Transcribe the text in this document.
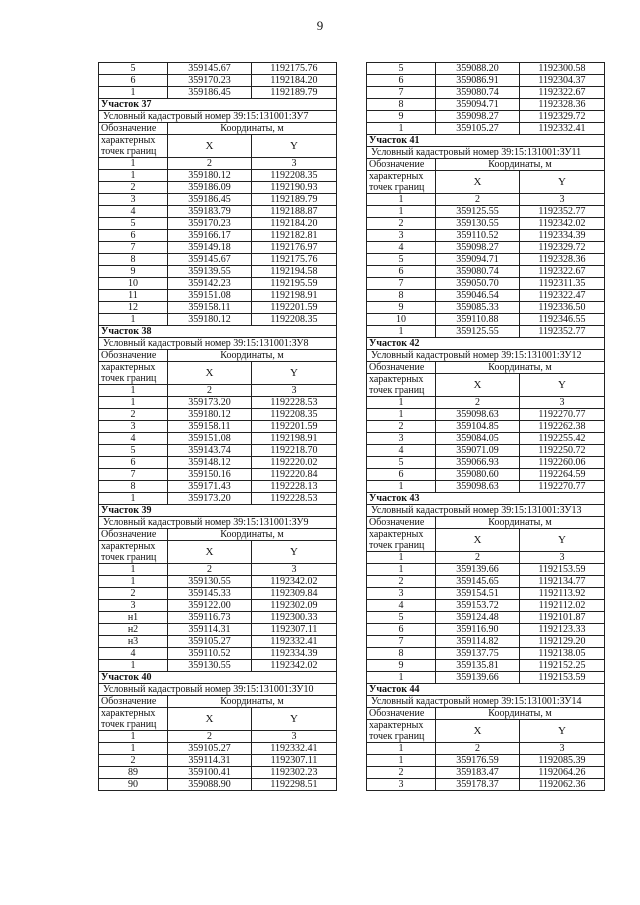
9
5	359145.67	1192175.76
6	359170.23	1192184.20
1	359186.45	1192189.79
Участок 37		
Условный кадастровый номер 39:15:131001:ЗУ7		
Обозначение	Координаты, м	
характерных точек границ	X	Y
1	2	3
1	359180.12	1192208.35
2	359186.09	1192190.93
3	359186.45	1192189.79
4	359183.79	1192188.87
5	359170.23	1192184.20
6	359166.17	1192182.81
7	359149.18	1192176.97
8	359145.67	1192175.76
9	359139.55	1192194.58
10	359142.23	1192195.59
11	359151.08	1192198.91
12	359158.11	1192201.59
1	359180.12	1192208.35
Участок 38		
Условный кадастровый номер 39:15:131001:ЗУ8		
Обозначение	Координаты, м	
характерных точек границ	X	Y
1	2	3
1	359173.20	1192228.53
2	359180.12	1192208.35
3	359158.11	1192201.59
4	359151.08	1192198.91
5	359143.74	1192218.70
6	359148.12	1192220.02
7	359150.16	1192220.84
8	359171.43	1192228.13
1	359173.20	1192228.53
Участок 39		
Условный кадастровый номер 39:15:131001:ЗУ9		
Обозначение	Координаты, м	
характерных точек границ	X	Y
1	2	3
1	359130.55	1192342.02
2	359145.33	1192309.84
3	359122.00	1192302.09
н1	359116.73	1192300.33
н2	359114.31	1192307.11
н3	359105.27	1192332.41
4	359110.52	1192334.39
1	359130.55	1192342.02
Участок 40		
Условный кадастровый номер 39:15:131001:ЗУ10		
Обозначение	Координаты, м	
характерных точек границ	X	Y
1	2	3
1	359105.27	1192332.41
2	359114.31	1192307.11
89	359100.41	1192302.23
90	359088.90	1192298.51
5	359088.20	1192300.58
6	359086.91	1192304.37
7	359080.74	1192322.67
8	359094.71	1192328.36
9	359098.27	1192329.72
1	359105.27	1192332.41
Участок 41		
Условный кадастровый номер 39:15:131001:ЗУ11		
Обозначение	Координаты, м	
характерных точек границ	X	Y
1	2	3
1	359125.55	1192352.77
2	359130.55	1192342.02
3	359110.52	1192334.39
4	359098.27	1192329.72
5	359094.71	1192328.36
6	359080.74	1192322.67
7	359050.70	1192311.35
8	359046.54	1192322.47
9	359085.33	1192336.50
10	359110.88	1192346.55
1	359125.55	1192352.77
Участок 42		
Условный кадастровый номер 39:15:131001:ЗУ12		
Обозначение	Координаты, м	
характерных точек границ	X	Y
1	2	3
1	359098.63	1192270.77
2	359104.85	1192262.38
3	359084.05	1192255.42
4	359071.09	1192250.72
5	359066.93	1192260.06
6	359080.60	1192264.59
1	359098.63	1192270.77
Участок 43		
Условный кадастровый номер 39:15:131001:ЗУ13		
Обозначение	Координаты, м	
характерных точек границ	X	Y
1	2	3
1	359139.66	1192153.59
2	359145.65	1192134.77
3	359154.51	1192113.92
4	359153.72	1192112.02
5	359124.48	1192101.87
6	359116.90	1192123.33
7	359114.82	1192129.20
8	359137.75	1192138.05
9	359135.81	1192152.25
1	359139.66	1192153.59
Участок 44		
Условный кадастровый номер 39:15:131001:ЗУ14		
Обозначение	Координаты, м	
характерных точек границ	X	Y
1	2	3
1	359176.59	1192085.39
2	359183.47	1192064.26
3	359178.37	1192062.36
